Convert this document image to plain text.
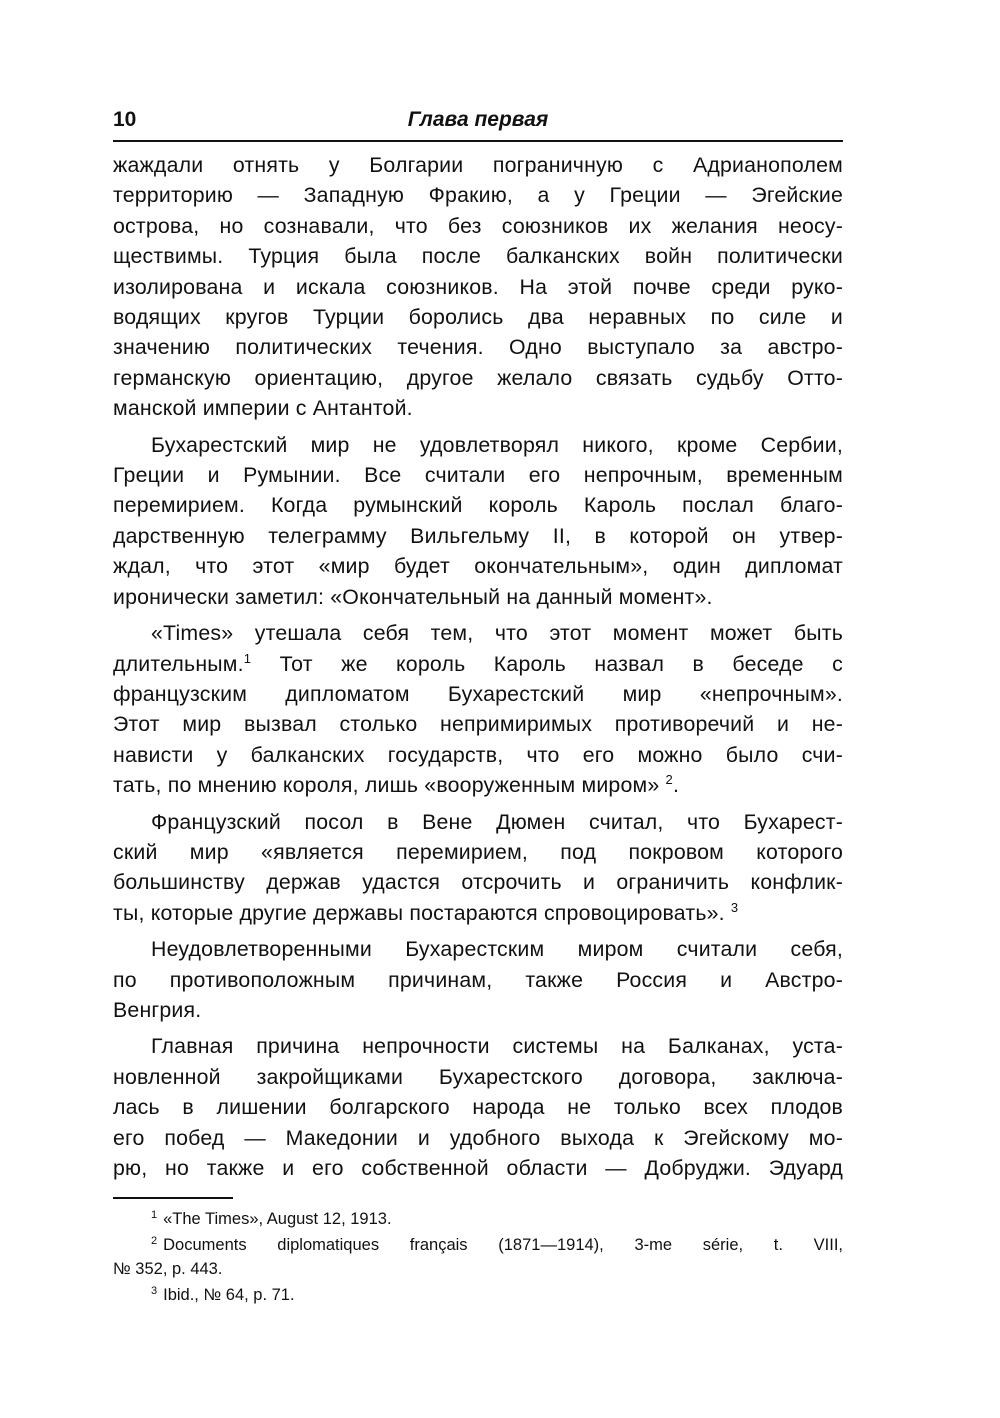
10	Глава первая

жаждали отнять у Болгарии пограничную с Адрианополем
территорию — Западную Фракию, а у Греции — Эгейские
острова, но сознавали, что без союзников их желания неосу-
ществимы. Турция была после балканских войн политически
изолирована и искала союзников. На этой почве среди руко-
водящих кругов Турции боролись два неравных по силе и
значению политических течения. Одно выступало за австро-
германскую ориентацию, другое желало связать судьбу Отто-
манской империи с Антантой.

Бухарестский мир не удовлетворял никого, кроме Сербии,
Греции и Румынии. Все считали его непрочным, временным
перемирием. Когда румынский король Кароль послал благо-
дарственную телеграмму Вильгельму II, в которой он утвер-
ждал, что этот «мир будет окончательным», один дипломат
иронически заметил: «Окончательный на данный момент».

«Times» утешала себя тем, что этот момент может быть
длительным.$^1$ Тот же король Кароль назвал в беседе с
французским дипломатом Бухарестский мир «непрочным».
Этот мир вызвал столько непримиримых противоречий и не-
нависти у балканских государств, что его можно было счи-
тать, по мнению короля, лишь «вооруженным миром» $^2$.

Французский посол в Вене Дюмен считал, что Бухарест-
ский мир «является перемирием, под покровом которого
большинству держав удастся отсрочить и ограничить конфлик-
ты, которые другие державы постараются спровоцировать». $^3$

Неудовлетворенными Бухарестским миром считали себя,
по противоположным причинам, также Россия и Австро-
Венгрия.

Главная причина непрочности системы на Балканах, уста-
новленной закройщиками Бухарестского договора, заключа-
лась в лишении болгарского народа не только всех плодов
его побед — Македонии и удобного выхода к Эгейскому мо-
рю, но также и его собственной области — Добруджи. Эдуард

$^1$ «The Times», August 12, 1913.
$^2$ Documents diplomatiques français (1871—1914), 3-me série, t. VIII,
№ 352, p. 443.
$^3$ Ibid., № 64, p. 71.
